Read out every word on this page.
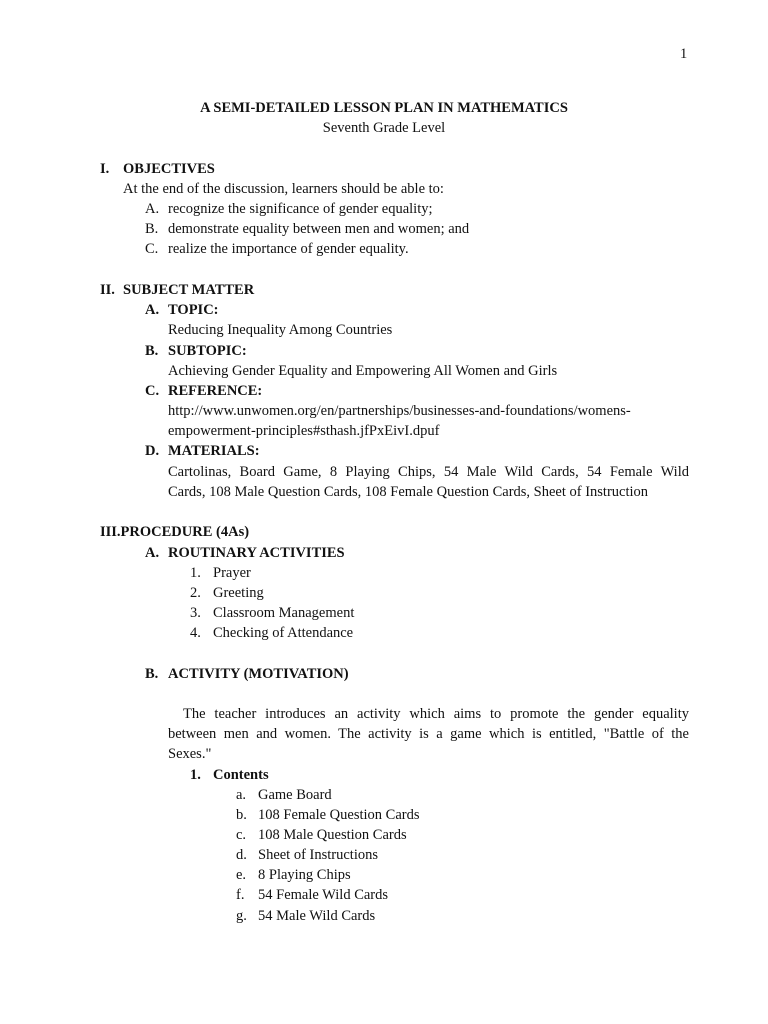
1
A SEMI-DETAILED LESSON PLAN IN MATHEMATICS
Seventh Grade Level
I. OBJECTIVES
At the end of the discussion, learners should be able to:
A. recognize the significance of gender equality;
B. demonstrate equality between men and women; and
C. realize the importance of gender equality.
II. SUBJECT MATTER
A. TOPIC:
Reducing Inequality Among Countries
B. SUBTOPIC:
Achieving Gender Equality and Empowering All Women and Girls
C. REFERENCE:
http://www.unwomen.org/en/partnerships/businesses-and-foundations/womens-
empowerment-principles#sthash.jfPxEivI.dpuf
D. MATERIALS:
Cartolinas, Board Game, 8 Playing Chips, 54 Male Wild Cards, 54 Female Wild
Cards, 108 Male Question Cards, 108 Female Question Cards, Sheet of Instruction
III.PROCEDURE (4As)
A. ROUTINARY ACTIVITIES
1. Prayer
2. Greeting
3. Classroom Management
4. Checking of Attendance
B. ACTIVITY (MOTIVATION)
The teacher introduces an activity which aims to promote the gender equality
between men and women. The activity is a game which is entitled, "Battle of the
Sexes."
1. Contents
a. Game Board
b. 108 Female Question Cards
c. 108 Male Question Cards
d. Sheet of Instructions
e. 8 Playing Chips
f. 54 Female Wild Cards
g. 54 Male Wild Cards
